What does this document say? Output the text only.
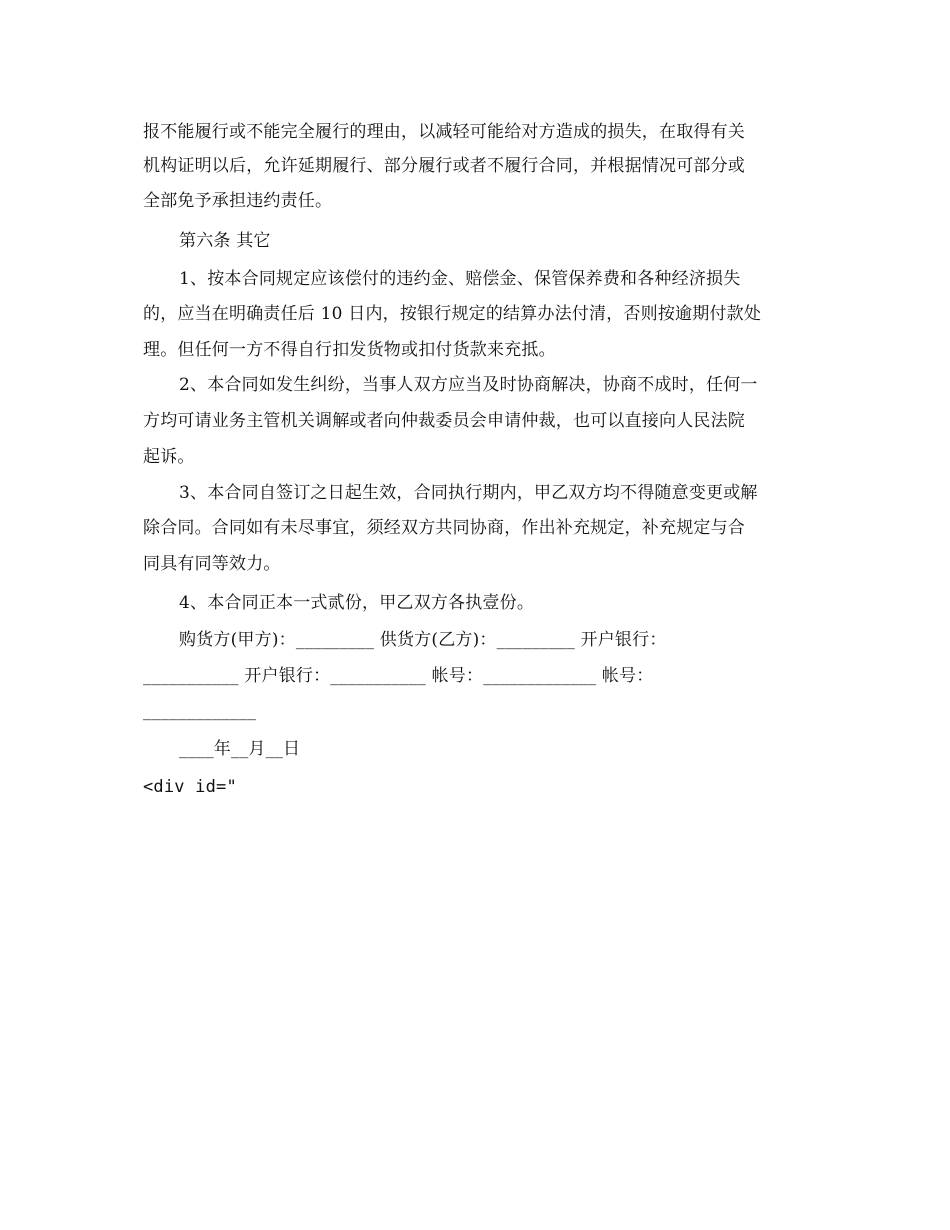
报不能履行或不能完全履行的理由，以减轻可能给对方造成的损失，在取得有关
机构证明以后，允许延期履行、部分履行或者不履行合同，并根据情况可部分或
全部免予承担违约责任。
第六条 其它
1、按本合同规定应该偿付的违约金、赔偿金、保管保养费和各种经济损失
的，应当在明确责任后 10 日内，按银行规定的结算办法付清，否则按逾期付款处
理。但任何一方不得自行扣发货物或扣付货款来充抵。
2、本合同如发生纠纷，当事人双方应当及时协商解决，协商不成时，任何一
方均可请业务主管机关调解或者向仲裁委员会申请仲裁，也可以直接向人民法院
起诉。
3、本合同自签订之日起生效，合同执行期内，甲乙双方均不得随意变更或解
除合同。合同如有未尽事宜，须经双方共同协商，作出补充规定，补充规定与合
同具有同等效力。
4、本合同正本一式贰份，甲乙双方各执壹份。
购货方(甲方)：_________ 供货方(乙方)：_________ 开户银行：
___________ 开户银行：___________ 帐号：_____________ 帐号：
_____________
____年__月__日
<div id="
